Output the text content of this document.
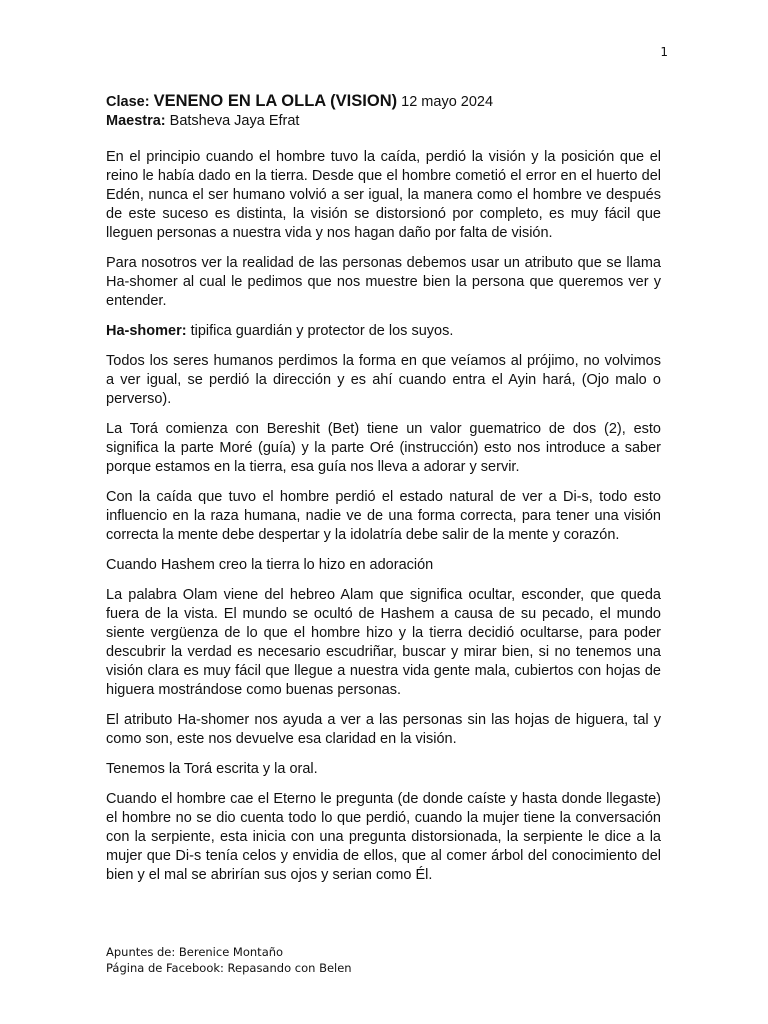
1
Clase: VENENO EN LA OLLA (VISION) 12 mayo 2024
Maestra: Batsheva Jaya Efrat

En el principio cuando el hombre tuvo la caída, perdió la visión y la posición que el reino le había dado en la tierra. Desde que el hombre cometió el error en el huerto del Edén, nunca el ser humano volvió a ser igual, la manera como el hombre ve después de este suceso es distinta, la visión se distorsionó por completo, es muy fácil que lleguen personas a nuestra vida y nos hagan daño por falta de visión.

Para nosotros ver la realidad de las personas debemos usar un atributo que se llama Ha-shomer al cual le pedimos que nos muestre bien la persona que queremos ver y entender.

Ha-shomer: tipifica guardián y protector de los suyos.

Todos los seres humanos perdimos la forma en que veíamos al prójimo, no volvimos a ver igual, se perdió la dirección y es ahí cuando entra el Ayin hará, (Ojo malo o perverso).

La Torá comienza con Bereshit (Bet) tiene un valor guematrico de dos (2), esto significa la parte Moré (guía) y la parte Oré (instrucción) esto nos introduce a saber porque estamos en la tierra, esa guía nos lleva a adorar y servir.

Con la caída que tuvo el hombre perdió el estado natural de ver a Di-s, todo esto influencio en la raza humana, nadie ve de una forma correcta, para tener una visión correcta la mente debe despertar y la idolatría debe salir de la mente y corazón.

Cuando Hashem creo la tierra lo hizo en adoración

La palabra Olam viene del hebreo Alam que significa ocultar, esconder, que queda fuera de la vista. El mundo se ocultó de Hashem a causa de su pecado, el mundo siente vergüenza de lo que el hombre hizo y la tierra decidió ocultarse, para poder descubrir la verdad es necesario escudriñar, buscar y mirar bien, si no tenemos una visión clara es muy fácil que llegue a nuestra vida gente mala, cubiertos con hojas de higuera mostrándose como buenas personas.

El atributo Ha-shomer nos ayuda a ver a las personas sin las hojas de higuera, tal y como son, este nos devuelve esa claridad en la visión.

Tenemos la Torá escrita y la oral.

Cuando el hombre cae el Eterno le pregunta (de donde caíste y hasta donde llegaste) el hombre no se dio cuenta todo lo que perdió, cuando la mujer tiene la conversación con la serpiente, esta inicia con una pregunta distorsionada, la serpiente le dice a la mujer que Di-s tenía celos y envidia de ellos, que al comer árbol del conocimiento del bien y el mal se abrirían sus ojos y serian como Él.

Apuntes de: Berenice Montaño
Página de Facebook: Repasando con Belen
